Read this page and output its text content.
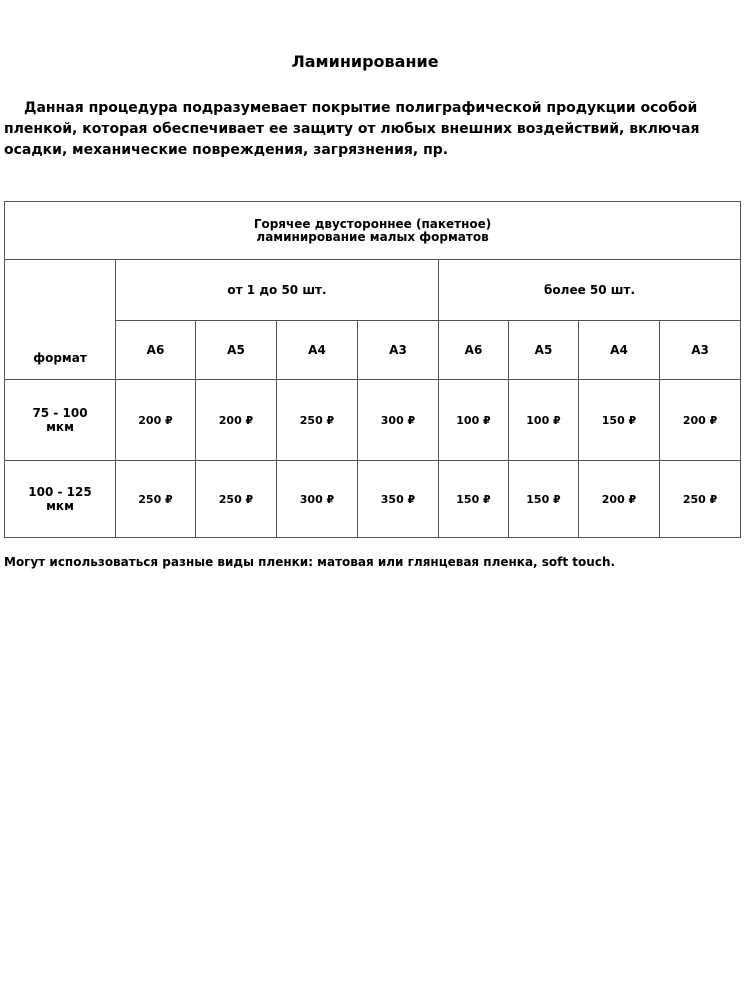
Ламинирование

Данная процедура подразумевает покрытие полиграфической продукции особой пленкой, которая обеспечивает ее защиту от любых внешних воздействий, включая осадки, механические повреждения, загрязнения, пр.

Горячее двустороннее (пакетное)
ламинирование малых форматов								

формат	от 1 до 50 шт.				более 50 шт.			
	А6	А5	А4	А3	А6	А5	А4	А3

75 - 100
мкм	200 ₽	200 ₽	250 ₽	300 ₽	100 ₽	100 ₽	150 ₽	200 ₽

100 - 125
мкм	250 ₽	250 ₽	300 ₽	350 ₽	150 ₽	150 ₽	200 ₽	250 ₽
Могут использоваться разные виды пленки: матовая или глянцевая пленка, soft touch.
